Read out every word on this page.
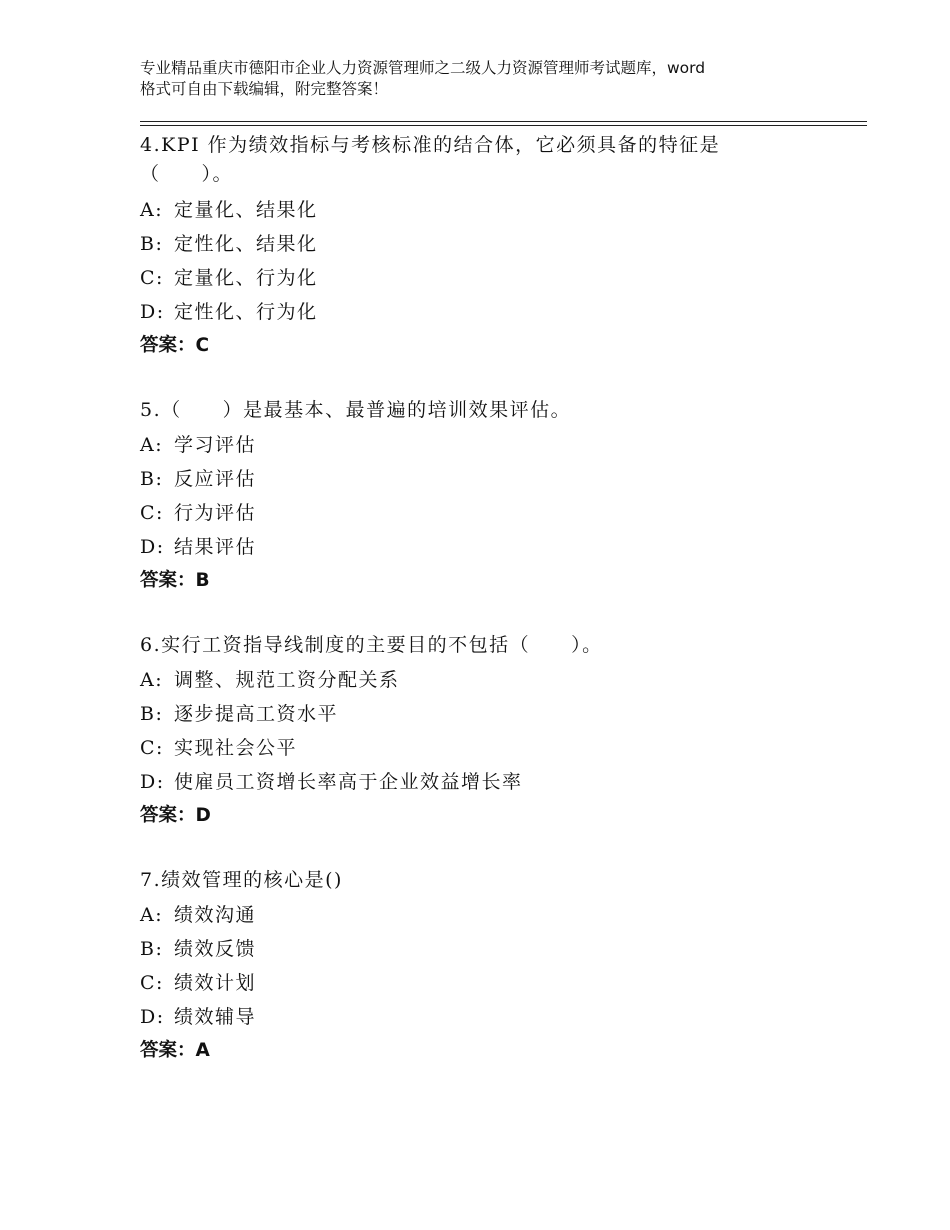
专业精品重庆市德阳市企业人力资源管理师之二级人力资源管理师考试题库，word
格式可自由下载编辑，附完整答案！
4.KPI 作为绩效指标与考核标准的结合体，它必须具备的特征是
（　　）。
A: 定量化、结果化
B: 定性化、结果化
C: 定量化、行为化
D: 定性化、行为化
答案：C
5.（　　）是最基本、最普遍的培训效果评估。
A: 学习评估
B: 反应评估
C: 行为评估
D: 结果评估
答案：B
6.实行工资指导线制度的主要目的不包括（　　）。
A: 调整、规范工资分配关系
B: 逐步提高工资水平
C: 实现社会公平
D: 使雇员工资增长率高于企业效益增长率
答案：D
7.绩效管理的核心是()
A: 绩效沟通
B: 绩效反馈
C: 绩效计划
D: 绩效辅导
答案：A
